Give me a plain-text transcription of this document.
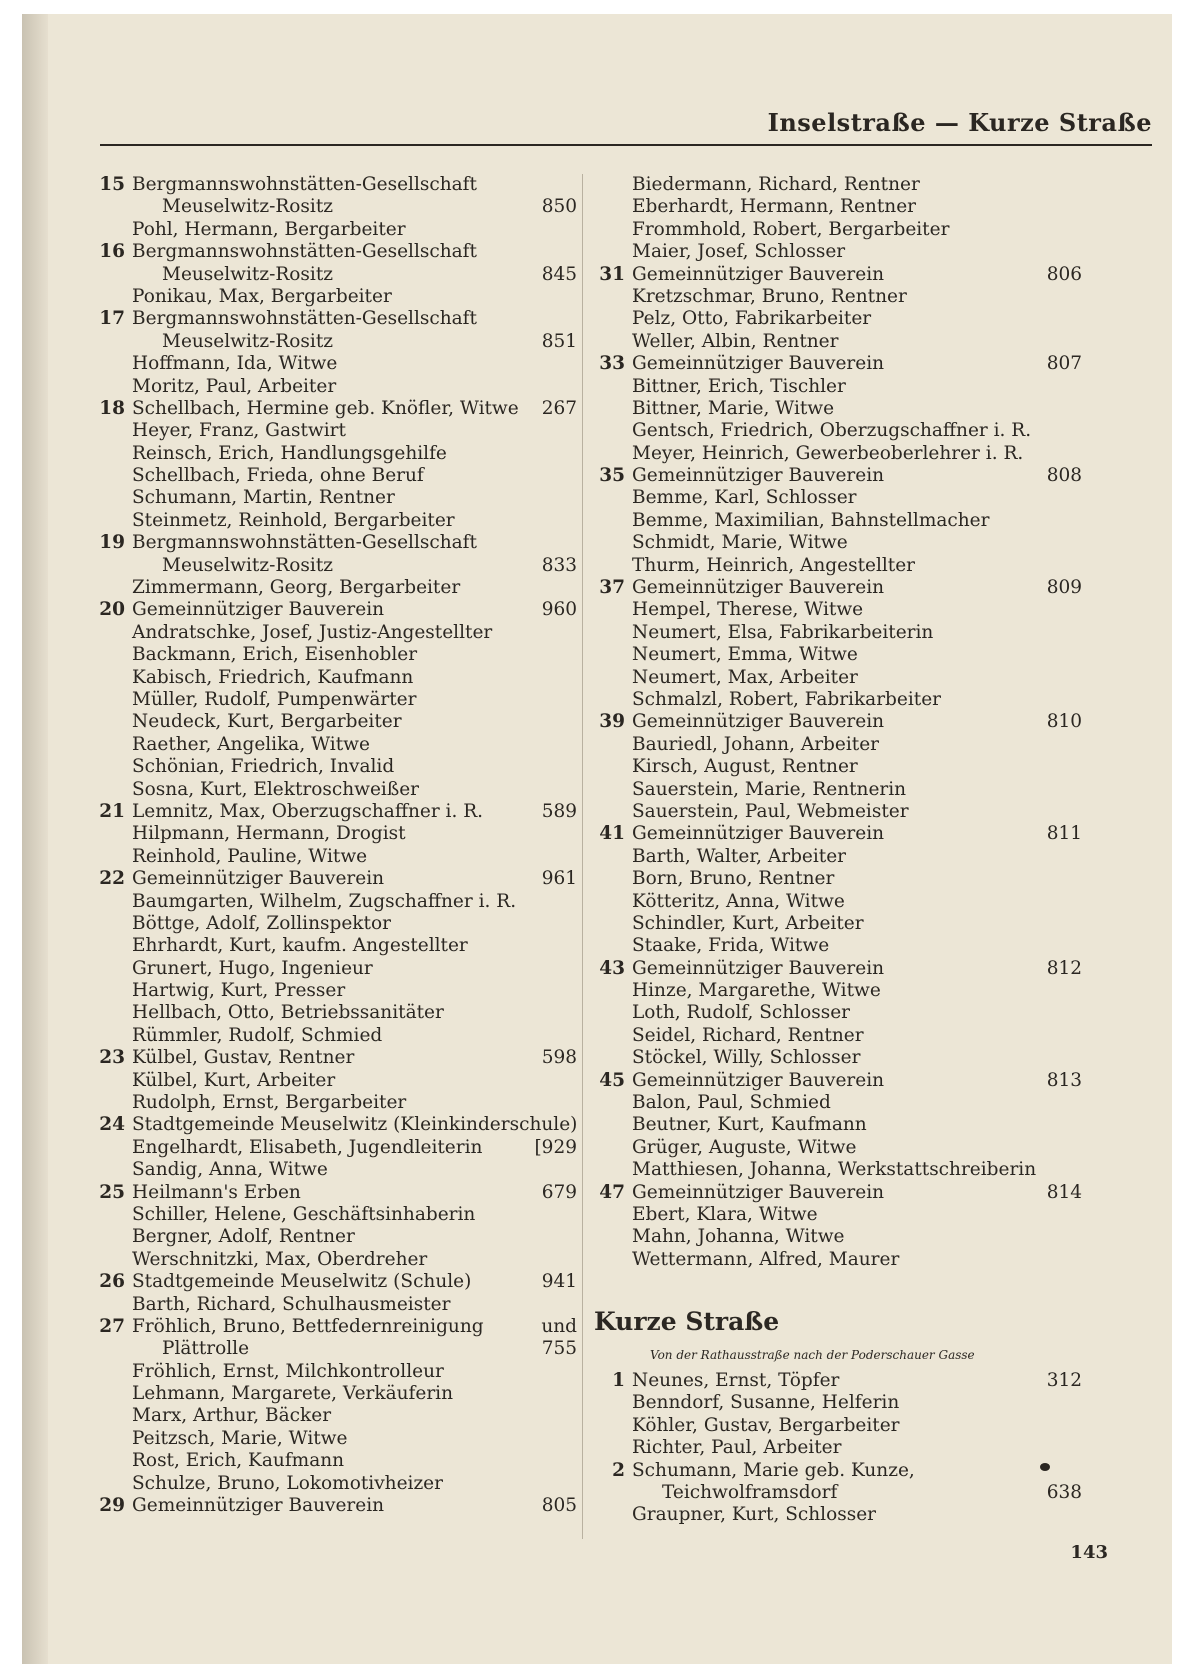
Inselstraße — Kurze Straße
15 Bergmannswohnstätten-Gesellschaft
Meuselwitz-Rositz	850
Pohl, Hermann, Bergarbeiter
16 Bergmannswohnstätten-Gesellschaft
Meuselwitz-Rositz	845
Ponikau, Max, Bergarbeiter
17 Bergmannswohnstätten-Gesellschaft
Meuselwitz-Rositz	851
Hoffmann, Ida, Witwe
Moritz, Paul, Arbeiter
18 Schellbach, Hermine geb. Knöfler, Witwe 267
Heyer, Franz, Gastwirt
Reinsch, Erich, Handlungsgehilfe
Schellbach, Frieda, ohne Beruf
Schumann, Martin, Rentner
Steinmetz, Reinhold, Bergarbeiter
19 Bergmannswohnstätten-Gesellschaft
Meuselwitz-Rositz	833
Zimmermann, Georg, Bergarbeiter
20 Gemeinnütziger Bauverein	960
Andratschke, Josef, Justiz-Angestellter
Backmann, Erich, Eisenhobler
Kabisch, Friedrich, Kaufmann
Müller, Rudolf, Pumpenwärter
Neudeck, Kurt, Bergarbeiter
Raether, Angelika, Witwe
Schönian, Friedrich, Invalid
Sosna, Kurt, Elektroschweißer
21 Lemnitz, Max, Oberzugschaffner i. R.	589
Hilpmann, Hermann, Drogist
Reinhold, Pauline, Witwe
22 Gemeinnütziger Bauverein	961
Baumgarten, Wilhelm, Zugschaffner i. R.
Böttge, Adolf, Zollinspektor
Ehrhardt, Kurt, kaufm. Angestellter
Grunert, Hugo, Ingenieur
Hartwig, Kurt, Presser
Hellbach, Otto, Betriebssanitäter
Rümmler, Rudolf, Schmied
23 Külbel, Gustav, Rentner	598
Külbel, Kurt, Arbeiter
Rudolph, Ernst, Bergarbeiter
24 Stadtgemeinde Meuselwitz (Kleinkinderschule)
Engelhardt, Elisabeth, Jugendleiterin	[929
Sandig, Anna, Witwe
25 Heilmann's Erben	679
Schiller, Helene, Geschäftsinhaberin
Bergner, Adolf, Rentner
Werschnitzki, Max, Oberdreher
26 Stadtgemeinde Meuselwitz (Schule)	941
Barth, Richard, Schulhausmeister
27 Fröhlich, Bruno, Bettfedernreinigung	und
Plättrolle	755
Fröhlich, Ernst, Milchkontrolleur
Lehmann, Margarete, Verkäuferin
Marx, Arthur, Bäcker
Peitzsch, Marie, Witwe
Rost, Erich, Kaufmann
Schulze, Bruno, Lokomotivheizer
29 Gemeinnütziger Bauverein	805
Biedermann, Richard, Rentner
Eberhardt, Hermann, Rentner
Frommhold, Robert, Bergarbeiter
Maier, Josef, Schlosser
31 Gemeinnütziger Bauverein	806
Kretzschmar, Bruno, Rentner
Pelz, Otto, Fabrikarbeiter
Weller, Albin, Rentner
33 Gemeinnütziger Bauverein	807
Bittner, Erich, Tischler
Bittner, Marie, Witwe
Gentsch, Friedrich, Oberzugschaffner i. R.
Meyer, Heinrich, Gewerbeoberlehrer i. R.
35 Gemeinnütziger Bauverein	808
Bemme, Karl, Schlosser
Bemme, Maximilian, Bahnstellmacher
Schmidt, Marie, Witwe
Thurm, Heinrich, Angestellter
37 Gemeinnütziger Bauverein	809
Hempel, Therese, Witwe
Neumert, Elsa, Fabrikarbeiterin
Neumert, Emma, Witwe
Neumert, Max, Arbeiter
Schmalzl, Robert, Fabrikarbeiter
39 Gemeinnütziger Bauverein	810
Bauriedl, Johann, Arbeiter
Kirsch, August, Rentner
Sauerstein, Marie, Rentnerin
Sauerstein, Paul, Webmeister
41 Gemeinnütziger Bauverein	811
Barth, Walter, Arbeiter
Born, Bruno, Rentner
Kötteritz, Anna, Witwe
Schindler, Kurt, Arbeiter
Staake, Frida, Witwe
43 Gemeinnütziger Bauverein	812
Hinze, Margarethe, Witwe
Loth, Rudolf, Schlosser
Seidel, Richard, Rentner
Stöckel, Willy, Schlosser
45 Gemeinnütziger Bauverein	813
Balon, Paul, Schmied
Beutner, Kurt, Kaufmann
Grüger, Auguste, Witwe
Matthiesen, Johanna, Werkstattschreiberin
47 Gemeinnütziger Bauverein	814
Ebert, Klara, Witwe
Mahn, Johanna, Witwe
Wettermann, Alfred, Maurer
Kurze Straße
Von der Rathausstraße nach der Poderschauer Gasse
1 Neunes, Ernst, Töpfer	312
Benndorf, Susanne, Helferin
Köhler, Gustav, Bergarbeiter
Richter, Paul, Arbeiter
2 Schumann, Marie geb. Kunze,
Teichwolframsdorf	638
Graupner, Kurt, Schlosser
143
